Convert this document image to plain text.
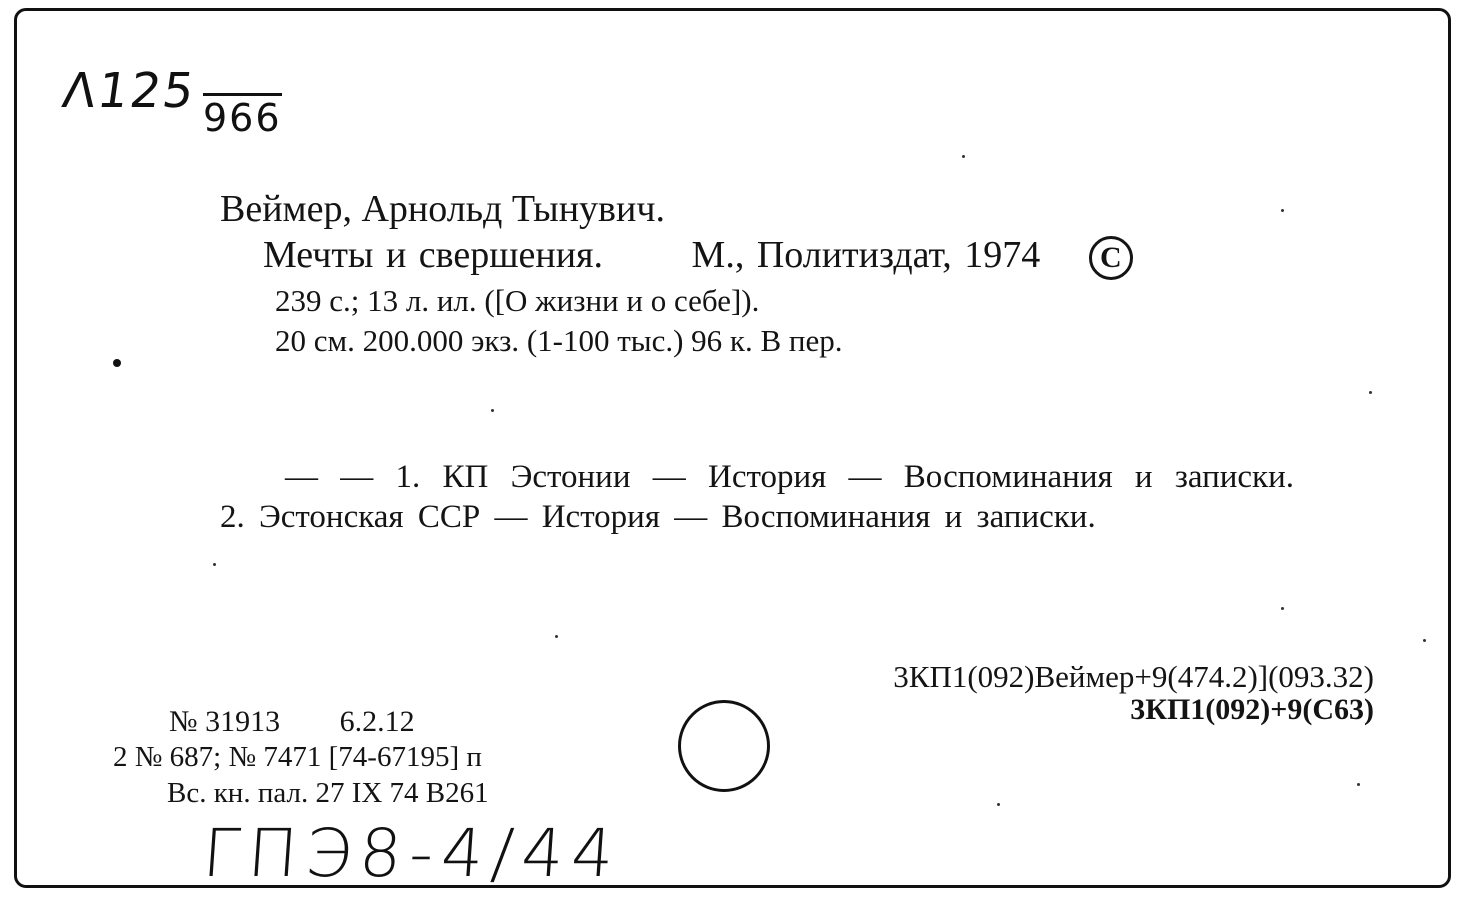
Λ125 966
Веймер, Арнольд Тынувич.
Мечты и свершения. М., Политиздат, 1974 C
239 с.; 13 л. ил. ([О жизни и о себе]).
20 см. 200.000 экз. (1-100 тыс.) 96 к. В пер.
— — 1. КП Эстонии — История — Воспоминания и записки.
2. Эстонская ССР — История — Воспоминания и записки.
3КП1(092)Веймер+9(474.2)](093.32)
3КП1(092)+9(С63)
№ 31913 6.2.12
2 № 687; № 7471 [74-67195] п
Вс. кн. пал. 27 IX 74 В261
ГПЭ8-4/44
